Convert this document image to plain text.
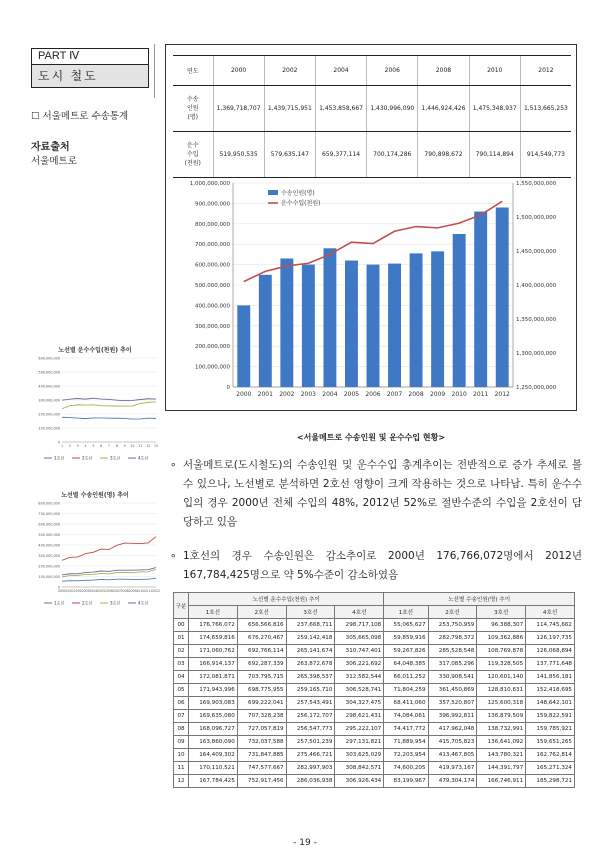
PART Ⅳ
도시 철도
☐ 서울메트로 수송통계
자료출처
서울메트로
노선별 운수수입(천원) 추이
0
100,000,000
200,000,000
300,000,000
400,000,000
500,000,000
600,000,000
1 2 3 4 5 6 7 8 9 10 11 12 13
1호선	2호선	3호선	4호선
노선별 수송인원(명) 추이
0
100,000,000
200,000,000
300,000,000
400,000,000
500,000,000
600,000,000
700,000,000
800,000,000
2000 2001 2002 2003 2004 2005 2006 2007 2008 2009 2010 2011 2012
1호선	2호선	3호선	4호선
연도	2000	2002	2004	2006	2008	2010	2012
수송
인원
(명)	1,369,718,707	1,439,715,951	1,453,858,667	1,430,996,090	1,446,924,426	1,475,348,937	1,513,665,253
운수
수입
(천원)	519,950,535	579,635,147	659,377,114	700,174,286	790,898,672	790,114,894	914,549,773
0
100,000,000
200,000,000
300,000,000
400,000,000
500,000,000
600,000,000
700,000,000
800,000,000
900,000,000
1,000,000,000
1,250,000,000
1,300,000,000
1,350,000,000
1,400,000,000
1,450,000,000
1,500,000,000
1,550,000,000
2000 2001 2002 2003 2004 2005 2006 2007 2008 2009 2010 2011 2012
수송인원(명)
운수수입(천원)
<서울메트로 수송인원 및 운수수입 현황>
∘ 서울메트로(도시철도)의 수송인원 및 운수수입 총계추이는 전반적으로 증가 추세로 볼 수 있으나, 노선별로 분석하면 2호선 영향이 크게 작용하는 것으로 나타남. 특히 운수수입의 경우 2000년 전체 수입의 48%, 2012년 52%로 절반수준의 수입을 2호선이 담당하고 있음
∘ 1호선의 경우 수송인원은 감소추이로 2000년 176,766,072명에서 2012년 167,784,425명으로 약 5%수준이 감소하였음
구분	노선별 운수수입(천원) 추이				노선별 수송인원(명) 추이			
	1호선	2호선	3호선	4호선	1호선	2호선	3호선	4호선
00	176,766,072	656,566,816	237,668,711	298,717,108	55,065,627	253,750,959	96,388,307	114,745,662
01	174,659,816	676,270,467	259,142,418	305,665,098	59,859,916	282,798,372	109,362,886	126,197,735
02	171,060,762	692,766,114	265,141,674	310,747,401	59,267,826	285,528,548	108,769,878	126,068,894
03	166,914,137	692,287,339	263,872,678	306,221,692	64,048,385	317,085,296	119,328,505	137,771,648
04	172,081,871	703,795,715	265,398,537	312,582,544	66,011,252	330,908,541	120,601,140	141,856,181
05	171,943,996	698,775,955	259,165,710	306,528,741	71,804,259	361,450,869	128,810,631	152,418,695
06	169,903,083	699,222,041	257,543,491	304,327,475	68,411,060	357,520,807	125,600,318	148,642,101
07	169,635,080	707,328,238	256,172,707	298,621,431	74,084,061	396,992,811	136,879,509	159,822,591
08	168,096,727	727,057,819	256,547,773	295,222,107	74,417,772	417,962,048	138,732,991	159,785,921
09	163,860,090	732,037,588	257,501,239	297,131,821	71,889,954	415,705,823	136,641,092	159,651,265
10	164,409,302	731,847,885	275,466,721	303,625,029	72,203,954	413,467,805	143,780,321	162,762,814
11	170,110,521	747,577,667	282,997,903	308,842,571	74,600,205	419,973,167	144,391,797	165,271,324
12	167,784,425	752,917,456	286,036,938	306,926,434	83,199,967	479,304,174	166,746,911	185,298,721
- 19 -
